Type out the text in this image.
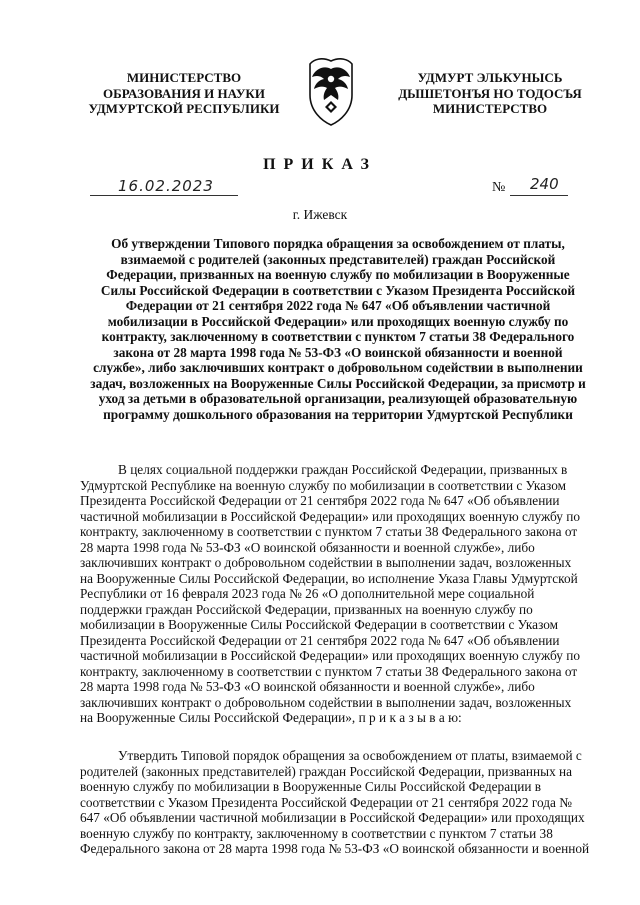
МИНИСТЕРСТВО
ОБРАЗОВАНИЯ И НАУКИ
УДМУРТСКОЙ РЕСПУБЛИКИ
УДМУРТ ЭЛЬКУНЫСЬ
ДЫШЕТОНЪЯ НО ТОДОСЪЯ
МИНИСТЕРСТВО
ПРИКАЗ
16.02.2023	№ 240
г. Ижевск
Об утверждении Типового порядка обращения за освобождением от платы,
взимаемой с родителей (законных представителей) граждан Российской
Федерации, призванных на военную службу по мобилизации в Вооруженные
Силы Российской Федерации в соответствии с Указом Президента Российской
Федерации от 21 сентября 2022 года № 647 «Об объявлении частичной
мобилизации в Российской Федерации» или проходящих военную службу по
контракту, заключенному в соответствии с пунктом 7 статьи 38 Федерального
закона от 28 марта 1998 года № 53-ФЗ «О воинской обязанности и военной
службе», либо заключивших контракт о добровольном содействии в выполнении
задач, возложенных на Вооруженные Силы Российской Федерации, за присмотр и
уход за детьми в образовательной организации, реализующей образовательную
программу дошкольного образования на территории Удмуртской Республики
В целях социальной поддержки граждан Российской Федерации, призванных в
Удмуртской Республике на военную службу по мобилизации в соответствии с Указом
Президента Российской Федерации от 21 сентября 2022 года № 647 «Об объявлении
частичной мобилизации в Российской Федерации» или проходящих военную службу по
контракту, заключенному в соответствии с пунктом 7 статьи 38 Федерального закона от
28 марта 1998 года № 53-ФЗ «О воинской обязанности и военной службе», либо
заключивших контракт о добровольном содействии в выполнении задач, возложенных
на Вооруженные Силы Российской Федерации, во исполнение Указа Главы Удмуртской
Республики от 16 февраля 2023 года № 26 «О дополнительной мере социальной
поддержки граждан Российской Федерации, призванных на военную службу по
мобилизации в Вооруженные Силы Российской Федерации в соответствии с Указом
Президента Российской Федерации от 21 сентября 2022 года № 647 «Об объявлении
частичной мобилизации в Российской Федерации» или проходящих военную службу по
контракту, заключенному в соответствии с пунктом 7 статьи 38 Федерального закона от
28 марта 1998 года № 53-ФЗ «О воинской обязанности и военной службе», либо
заключивших контракт о добровольном содействии в выполнении задач, возложенных
на Вооруженные Силы Российской Федерации», п р и к а з ы в а ю:
Утвердить Типовой порядок обращения за освобождением от платы, взимаемой с
родителей (законных представителей) граждан Российской Федерации, призванных на
военную службу по мобилизации в Вооруженные Силы Российской Федерации в
соответствии с Указом Президента Российской Федерации от 21 сентября 2022 года №
647 «Об объявлении частичной мобилизации в Российской Федерации» или проходящих
военную службу по контракту, заключенному в соответствии с пунктом 7 статьи 38
Федерального закона от 28 марта 1998 года № 53-ФЗ «О воинской обязанности и военной
